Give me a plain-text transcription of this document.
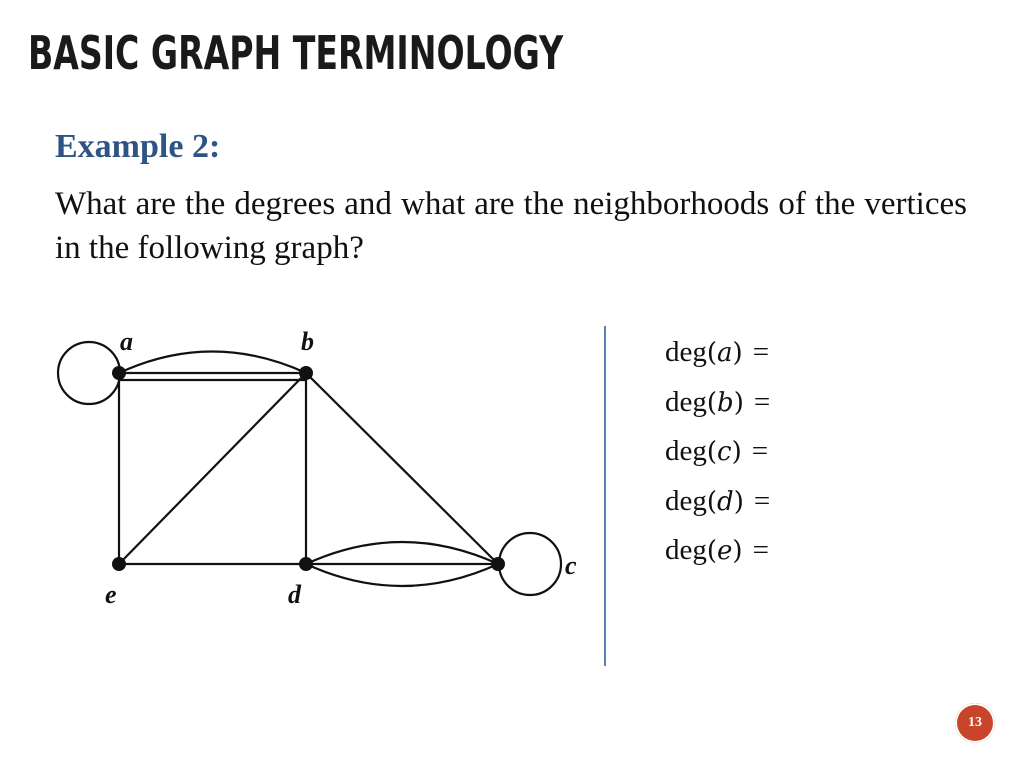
BASIC GRAPH TERMINOLOGY
Example 2:
What are the degrees and what are the neighborhoods of the vertices in the following graph?
a	b
c
d
e
deg(a) =
deg(b) =
deg(c) =
deg(d) =
deg(e) =
13
